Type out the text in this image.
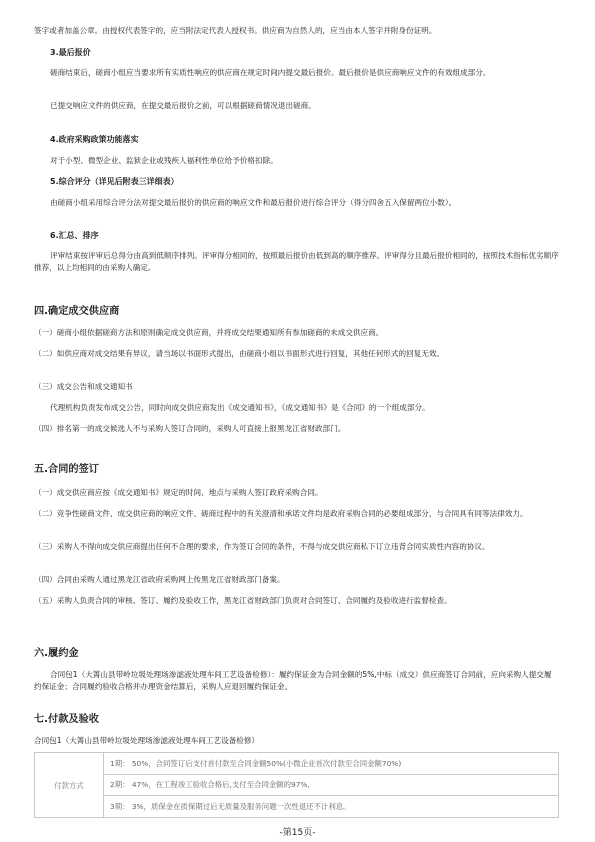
签字或者加盖公章。由授权代表签字的，应当附法定代表人授权书。供应商为自然人的，应当由本人签字并附身份证明。
3.最后报价
磋商结束后，磋商小组应当要求所有实质性响应的供应商在规定时间内提交最后报价。最后报价是供应商响应文件的有效组成部分。
已提交响应文件的供应商，在提交最后报价之前，可以根据磋商情况退出磋商。
4.政府采购政策功能落实
对于小型、微型企业、监狱企业或残疾人福利性单位给予价格扣除。
5.综合评分（详见后附表三详细表）
由磋商小组采用综合评分法对提交最后报价的供应商的响应文件和最后报价进行综合评分（得分四舍五入保留两位小数）。
6.汇总、排序
评审结束按评审后总得分由高到低顺序排列。评审得分相同的，按照最后报价由低到高的顺序推荐。评审得分且最后报价相同的，按照技术指标优劣顺序推荐，以上均相同的由采购人确定。
四.确定成交供应商
（一）磋商小组依据磋商方法和原则确定成交供应商，并将成交结果通知所有参加磋商的未成交供应商。
（二）如供应商对成交结果有异议，请当场以书面形式提出，由磋商小组以书面形式进行回复，其他任何形式的回复无效。
（三）成交公告和成交通知书
代理机构负责发布成交公告，同时向成交供应商发出《成交通知书》，《成交通知书》是《合同》的一个组成部分。
（四）排名第一的成交候选人不与采购人签订合同的，采购人可直接上报黑龙江省财政部门。
五.合同的签订
（一）成交供应商应按《成交通知书》规定的时间、地点与采购人签订政府采购合同。
（二）竞争性磋商文件、成交供应商的响应文件、磋商过程中的有关澄清和承诺文件均是政府采购合同的必要组成部分，与合同具有同等法律效力。
（三）采购人不得向成交供应商提出任何不合理的要求，作为签订合同的条件，不得与成交供应商私下订立违背合同实质性内容的协议。
（四）合同由采购人通过黑龙江省政府采购网上传黑龙江省财政部门备案。
（五）采购人负责合同的审核、签订、履约及验收工作，黑龙江省财政部门负责对合同签订、合同履约及验收进行监督检查。
六.履约金
合同包1（大箐山县带岭垃圾处理场渗滤液处理车间工艺设备检修）：履约保证金为合同金额的5%,中标（成交）供应商签订合同前，应向采购人提交履约保证金；合同履约验收合格并办理资金结算后，采购人应退回履约保证金。
七.付款及验收
合同包1（大箐山县带岭垃圾处理场渗滤液处理车间工艺设备检修）
付款方式	1期： 50%，合同签订后支付首付款至合同金额50%(小微企业首次付款至合同金额70%)
2期： 47%，在工程竣工验收合格后,支付至合同金额的97%,
3期： 3%，质保金在质保期过后无质量及服务问题一次性退还不计利息。
-第15页-
